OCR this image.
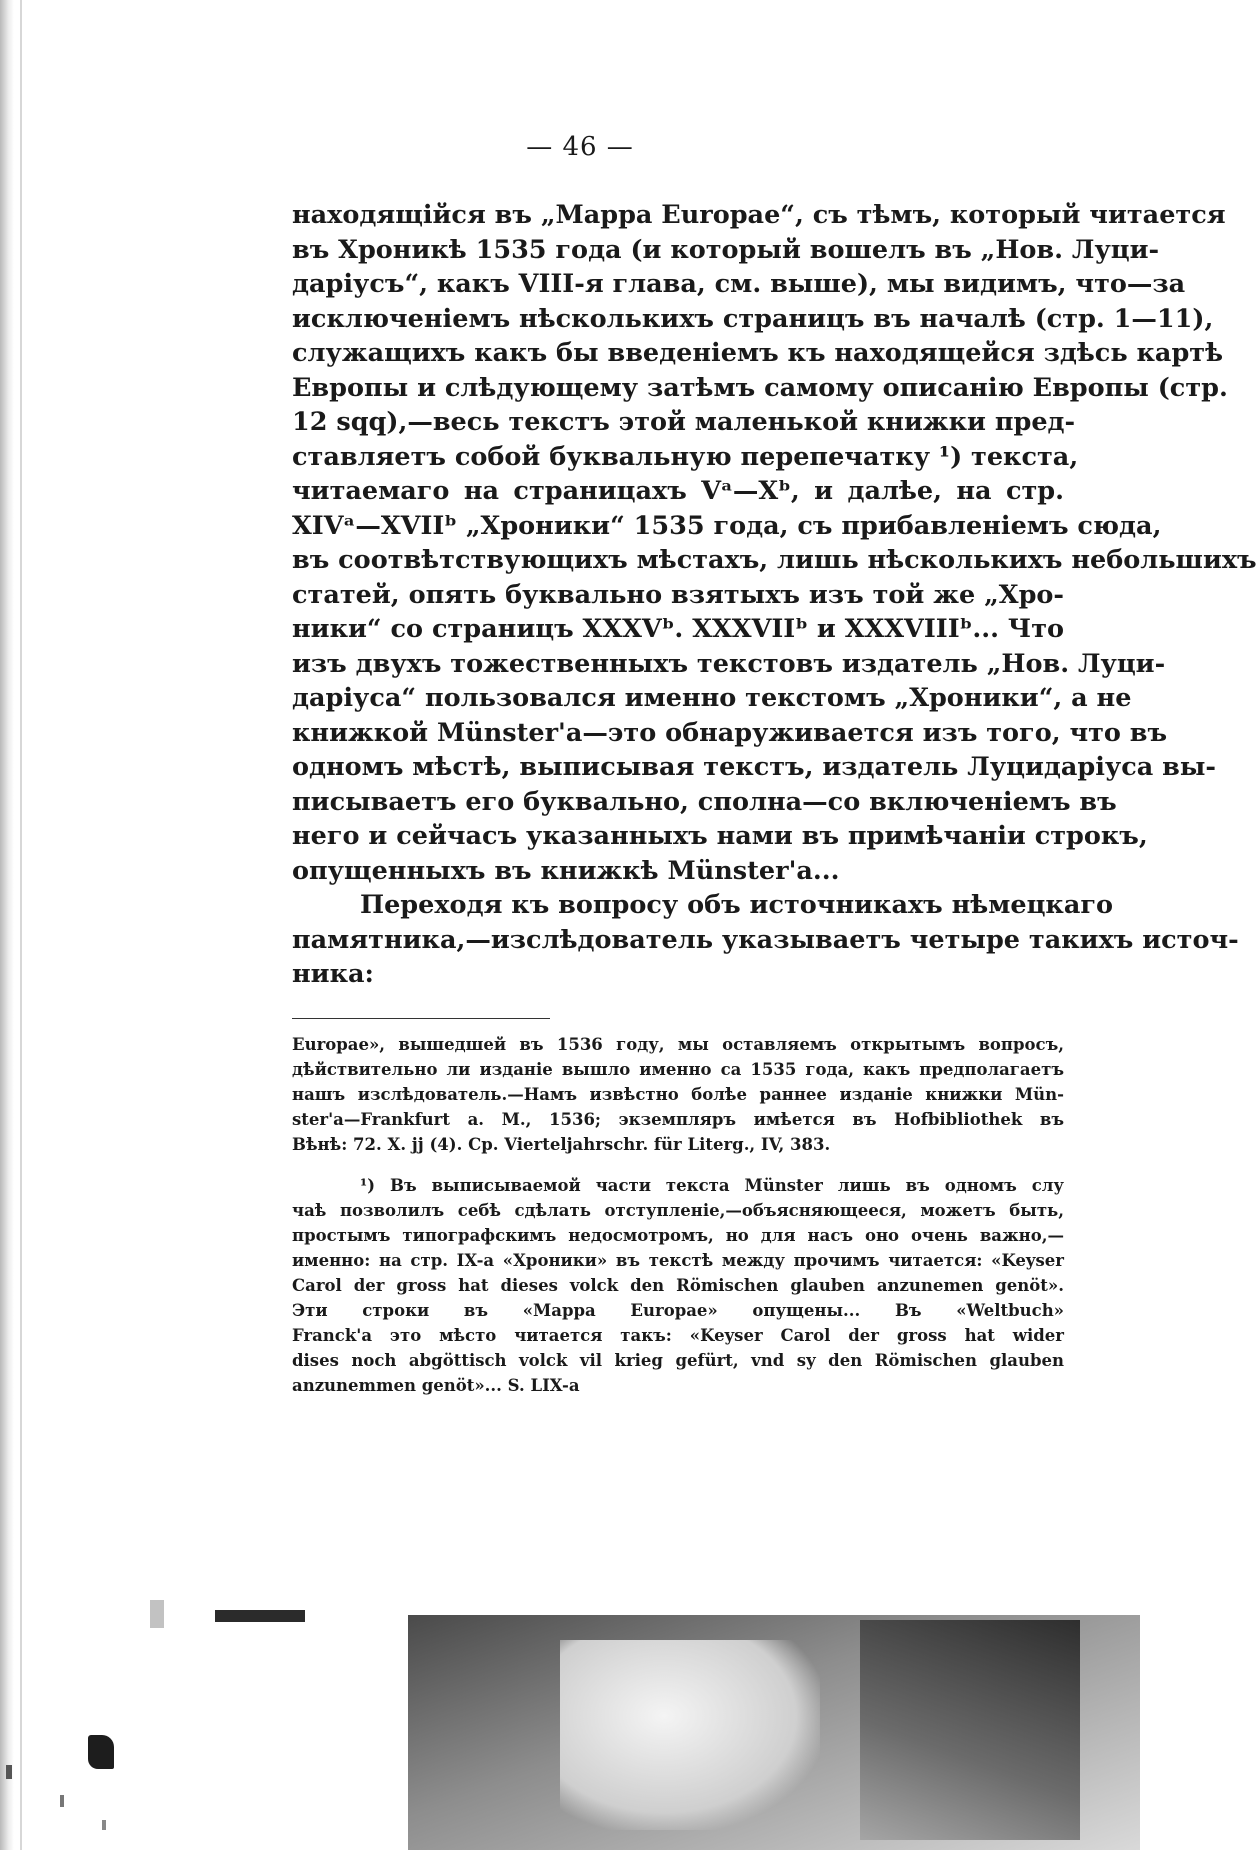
— 46 —
находящійся въ „Mappa Europae“, съ тѣмъ, который читается
въ Хроникѣ 1535 года (и который вошелъ въ „Нов. Луци-
даріусъ“, какъ VIII-я глава, см. выше), мы видимъ, что—за
исключеніемъ нѣсколькихъ страницъ въ началѣ (стр. 1—11),
служащихъ какъ бы введеніемъ къ находящейся здѣсь картѣ
Европы и слѣдующему затѣмъ самому описанію Европы (стр.
12 sqq),—весь текстъ этой маленькой книжки пред-
ставляетъ собой буквальную перепечатку ¹) текста,
читаемаго на страницахъ Vᵃ—Xᵇ, и далѣе, на стр.
XIVᵃ—XVIIᵇ „Хроники“ 1535 года, съ прибавленіемъ сюда,
въ соотвѣтствующихъ мѣстахъ, лишь нѣсколькихъ небольшихъ
статей, опять буквально взятыхъ изъ той же „Хро-
ники“ со страницъ XXXVᵇ. XXXVIIᵇ и XXXVIIIᵇ... Что
изъ двухъ тожественныхъ текстовъ издатель „Нов. Луци-
даріуса“ пользовался именно текстомъ „Хроники“, а не
книжкой Münster'a—это обнаруживается изъ того, что въ
одномъ мѣстѣ, выписывая текстъ, издатель Луцидаріуса вы-
писываетъ его буквально, сполна—со включеніемъ въ
него и сейчасъ указанныхъ нами въ примѣчаніи строкъ,
опущенныхъ въ книжкѣ Münster'a...
Переходя къ вопросу объ источникахъ нѣмецкаго
памятника,—изслѣдователь указываетъ четыре такихъ источ-
ника:
Europae», вышедшей въ 1536 году, мы оставляемъ открытымъ вопросъ,
дѣйствительно ли изданіе вышло именно са 1535 года, какъ предполагаетъ
нашъ изслѣдователь.—Намъ извѣстно болѣе раннее изданіе книжки Mün-
ster'a—Frankfurt a. M., 1536; экземпляръ имѣется въ Hofbibliothek въ
Вѣнѣ: 72. X. jj (4). Ср. Vierteljahrschr. für Literg., IV, 383.
¹) Въ выписываемой части текста Münster лишь въ одномъ слу
чаѣ позволилъ себѣ сдѣлать отступленіе,—объясняющееся, можетъ быть,
простымъ типографскимъ недосмотромъ, но для насъ оно очень важно,—
именно: на стр. IX-a «Хроники» въ текстѣ между прочимъ читается: «Keyser
Carol der gross hat dieses volck den Römischen glauben anzunemen genöt».
Эти строки въ «Mappa Europae» опущены... Въ «Weltbuch»
Franck'a это мѣсто читается такъ: «Keyser Carol der gross hat wider
dises noch abgöttisch volck vil krieg gefürt, vnd sy den Römischen glauben
anzunemmen genöt»... S. LIX-a
